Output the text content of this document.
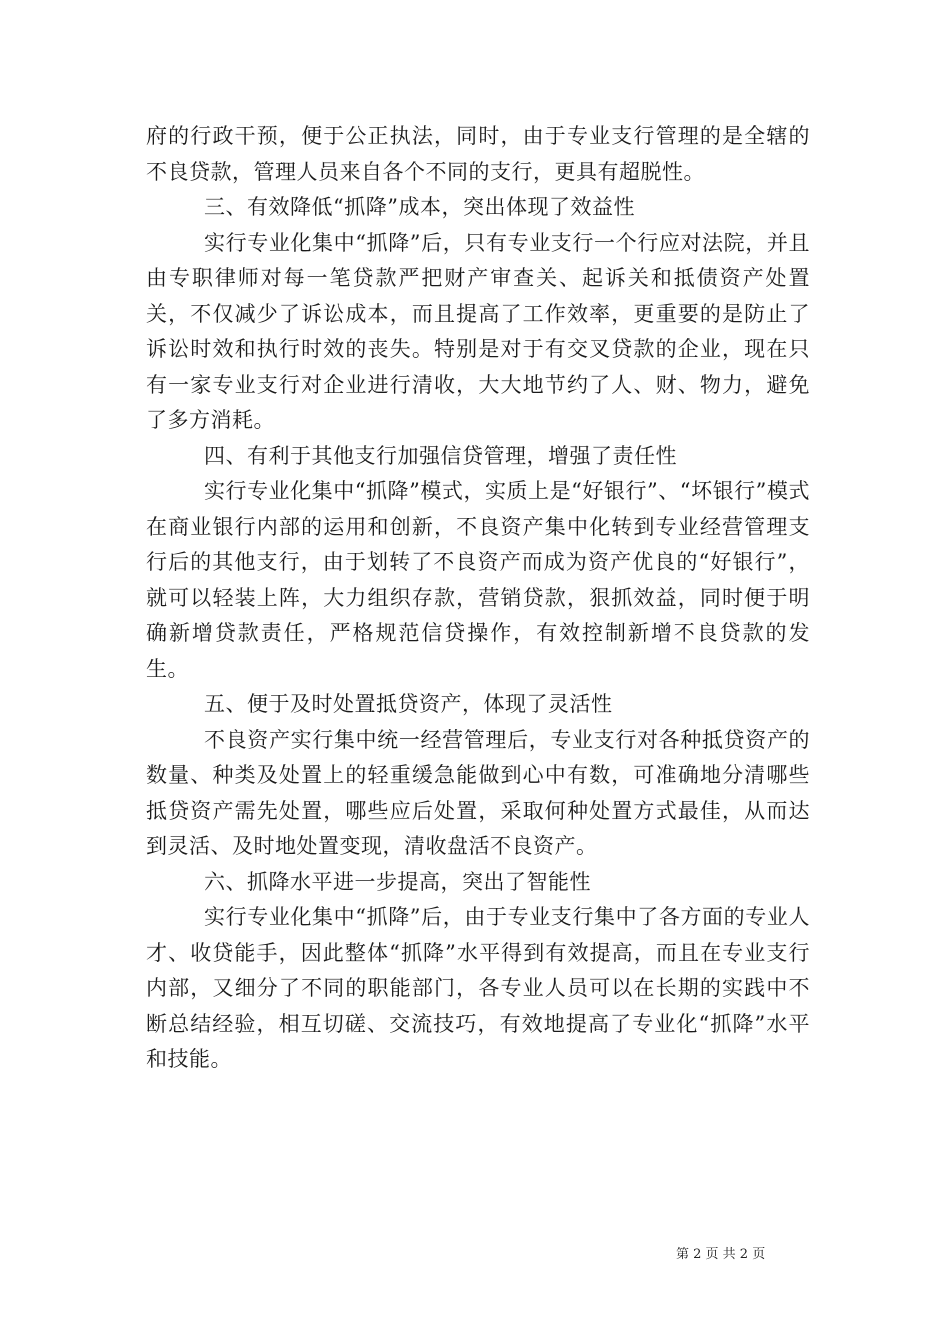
府的行政干预，便于公正执法，同时，由于专业支行管理的是全辖的不良贷款，管理人员来自各个不同的支行，更具有超脱性。

三、有效降低“抓降”成本，突出体现了效益性

实行专业化集中“抓降”后，只有专业支行一个行应对法院，并且由专职律师对每一笔贷款严把财产审查关、起诉关和抵债资产处置关，不仅减少了诉讼成本，而且提高了工作效率，更重要的是防止了诉讼时效和执行时效的丧失。特别是对于有交叉贷款的企业，现在只有一家专业支行对企业进行清收，大大地节约了人、财、物力，避免了多方消耗。

四、有利于其他支行加强信贷管理，增强了责任性

实行专业化集中“抓降”模式，实质上是“好银行”、“坏银行”模式在商业银行内部的运用和创新，不良资产集中化转到专业经营管理支行后的其他支行，由于划转了不良资产而成为资产优良的“好银行”，就可以轻装上阵，大力组织存款，营销贷款，狠抓效益，同时便于明确新增贷款责任，严格规范信贷操作，有效控制新增不良贷款的发生。

五、便于及时处置抵贷资产，体现了灵活性

不良资产实行集中统一经营管理后，专业支行对各种抵贷资产的数量、种类及处置上的轻重缓急能做到心中有数，可准确地分清哪些抵贷资产需先处置，哪些应后处置，采取何种处置方式最佳，从而达到灵活、及时地处置变现，清收盘活不良资产。

六、抓降水平进一步提高，突出了智能性

实行专业化集中“抓降”后，由于专业支行集中了各方面的专业人才、收贷能手，因此整体“抓降”水平得到有效提高，而且在专业支行内部，又细分了不同的职能部门，各专业人员可以在长期的实践中不断总结经验，相互切磋、交流技巧，有效地提高了专业化“抓降”水平和技能。

第 2 页 共 2 页
